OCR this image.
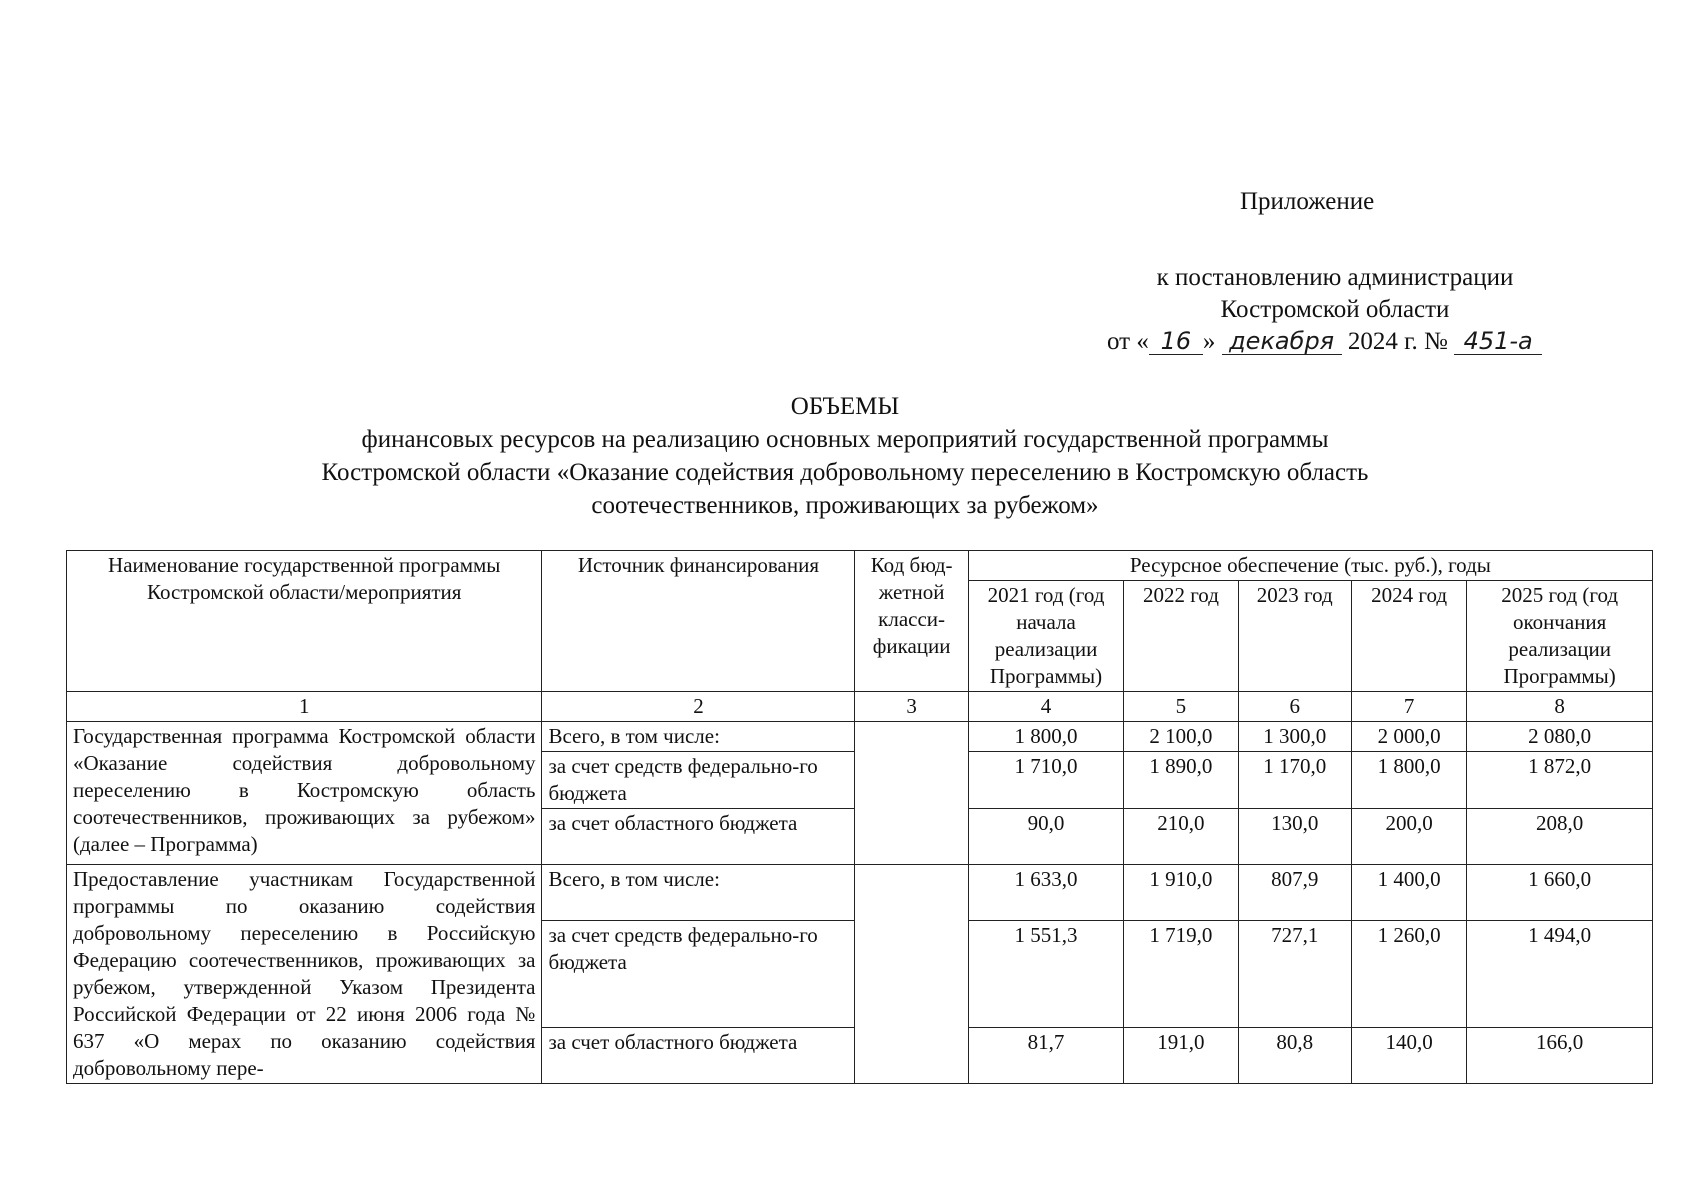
Приложение
к постановлению администрации
Костромской области
от « 16 » декабря 2024 г. № 451-а
ОБЪЕМЫ
финансовых ресурсов на реализацию основных мероприятий государственной программы
Костромской области «Оказание содействия добровольному переселению в Костромскую область
соотечественников, проживающих за рубежом»
Наименование государственной программы Костромской области/мероприятия	Источник финансирования	Код бюд-жетной класси-фикации	Ресурсное обеспечение (тыс. руб.), годы				
			2021 год (год начала реализации Программы)	2022 год	2023 год	2024 год	2025 год (год окончания реализации Программы)
1	2	3	4	5	6	7	8
Государственная программа Костромской области «Оказание содействия добровольному переселению в Костромскую область соотечественников, проживающих за рубежом» (далее – Программа)	Всего, в том числе:		1 800,0	2 100,0	1 300,0	2 000,0	2 080,0
	за счет средств федерально-го бюджета		1 710,0	1 890,0	1 170,0	1 800,0	1 872,0
	за счет областного бюджета		90,0	210,0	130,0	200,0	208,0
Предоставление участникам Государственной программы по оказанию содействия добровольному переселению в Российскую Федерацию соотечественников, проживающих за рубежом, утвержденной Указом Президента Российской Федерации от 22 июня 2006 года № 637 «О мерах по оказанию содействия добровольному пере-	Всего, в том числе:		1 633,0	1 910,0	807,9	1 400,0	1 660,0
	за счет средств федерально-го бюджета		1 551,3	1 719,0	727,1	1 260,0	1 494,0
	за счет областного бюджета		81,7	191,0	80,8	140,0	166,0
